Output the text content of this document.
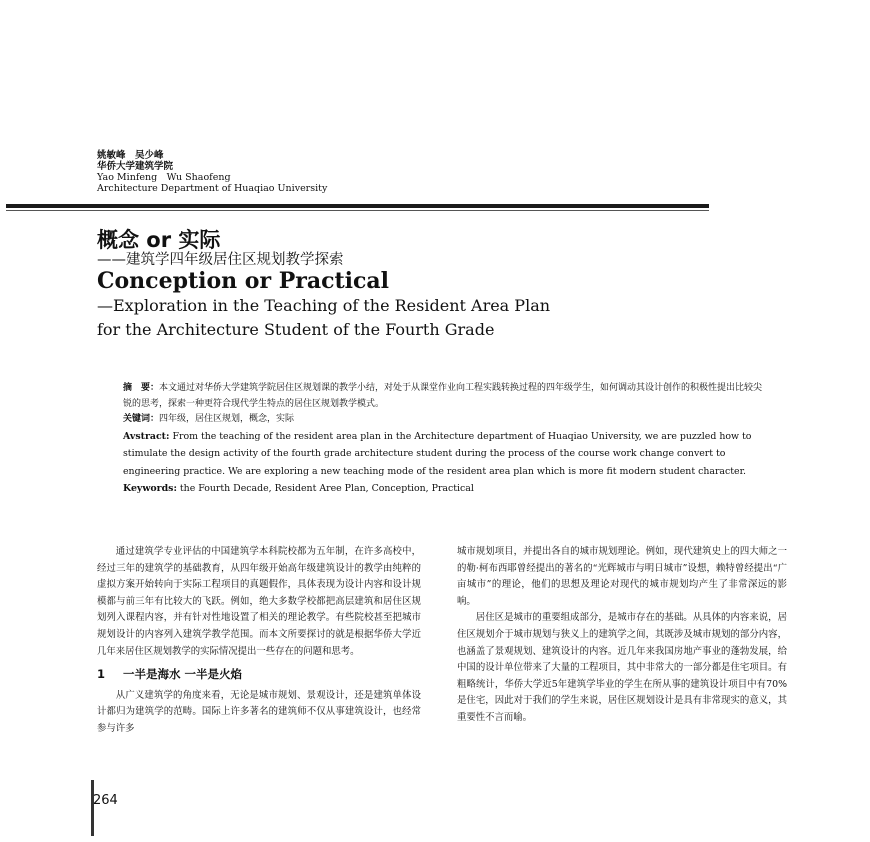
姚敏峰　吴少峰
华侨大学建筑学院
Yao Minfeng　Wu Shaofeng
Architecture Department of Huaqiao University
概念 or 实际
——建筑学四年级居住区规划教学探索
Conception or Practical
—Exploration in the Teaching of the Resident Area Plan
for the Architecture Student of the Fourth Grade
摘　要：本文通过对华侨大学建筑学院居住区规划课的教学小结，对处于从课堂作业向工程实践转换过程的四年级学生，如何调动其设计创作的积极性提出比较尖锐的思考，探索一种更符合现代学生特点的居住区规划教学模式。
关键词：四年级，居住区规划，概念，实际
Avstract: From the teaching of the resident area plan in the Architecture department of Huaqiao University, we are puzzled how to stimulate the design activity of the fourth grade architecture student during the process of the course work change convert to engineering practice. We are exploring a new teaching mode of the resident area plan which is more fit modern student character.
Keywords: the Fourth Decade, Resident Aree Plan, Conception, Practical

通过建筑学专业评估的中国建筑学本科院校都为五年制，在许多高校中，经过三年的建筑学的基础教育，从四年级开始高年级建筑设计的教学由纯粹的虚拟方案开始转向于实际工程项目的真题假作，具体表现为设计内容和设计规模都与前三年有比较大的飞跃。例如，绝大多数学校都把高层建筑和居住区规划列入课程内容，并有针对性地设置了相关的理论教学。有些院校甚至把城市规划设计的内容列入建筑学教学范围。而本文所要探讨的就是根据华侨大学近几年来居住区规划教学的实际情况提出一些存在的问题和思考。

1 一半是海水 一半是火焰

从广义建筑学的角度来看，无论是城市规划、景观设计，还是建筑单体设计都归为建筑学的范畴。国际上许多著名的建筑师不仅从事建筑设计，也经常参与许多

城市规划项目，并提出各自的城市规划理论。例如，现代建筑史上的四大师之一的勒·柯布西耶曾经提出的著名的“光辉城市与明日城市”设想，赖特曾经提出“广亩城市”的理论，他们的思想及理论对现代的城市规划均产生了非常深远的影响。

居住区是城市的重要组成部分，是城市存在的基础。从具体的内容来说，居住区规划介于城市规划与狭义上的建筑学之间，其既涉及城市规划的部分内容，也涵盖了景观规划、建筑设计的内容。近几年来我国房地产事业的蓬勃发展，给中国的设计单位带来了大量的工程项目，其中非常大的一部分都是住宅项目。有粗略统计，华侨大学近5年建筑学毕业的学生在所从事的建筑设计项目中有70%是住宅，因此对于我们的学生来说，居住区规划设计是具有非常现实的意义，其重要性不言而喻。

264
